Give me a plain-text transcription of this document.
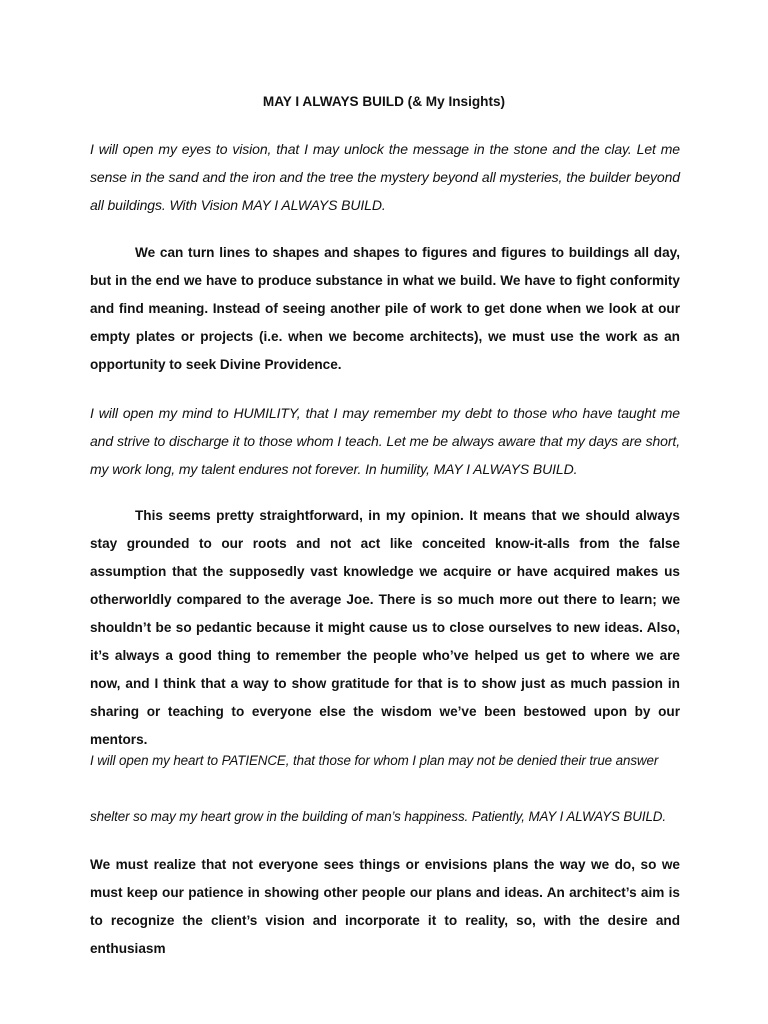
MAY I ALWAYS BUILD (& My Insights)

I will open my eyes to vision, that I may unlock the message in the stone and the clay. Let me sense in the sand and the iron and the tree the mystery beyond all mysteries, the builder beyond all buildings. With Vision MAY I ALWAYS BUILD.

We can turn lines to shapes and shapes to figures and figures to buildings all day, but in the end we have to produce substance in what we build. We have to fight conformity and find meaning. Instead of seeing another pile of work to get done when we look at our empty plates or projects (i.e. when we become architects), we must use the work as an opportunity to seek Divine Providence.

I will open my mind to HUMILITY, that I may remember my debt to those who have taught me and strive to discharge it to those whom I teach. Let me be always aware that my days are short, my work long, my talent endures not forever. In humility, MAY I ALWAYS BUILD.

This seems pretty straightforward, in my opinion. It means that we should always stay grounded to our roots and not act like conceited know-it-alls from the false assumption that the supposedly vast knowledge we acquire or have acquired makes us otherworldly compared to the average Joe. There is so much more out there to learn; we shouldn’t be so pedantic because it might cause us to close ourselves to new ideas. Also, it’s always a good thing to remember the people who’ve helped us get to where we are now, and I think that a way to show gratitude for that is to show just as much passion in sharing or teaching to everyone else the wisdom we’ve been bestowed upon by our mentors.

I will open my heart to PATIENCE, that those for whom I plan may not be denied their true answer

shelter so may my heart grow in the building of man’s happiness. Patiently, MAY I ALWAYS BUILD.

We must realize that not everyone sees things or envisions plans the way we do, so we must keep our patience in showing other people our plans and ideas. An architect’s aim is to recognize the client’s vision and incorporate it to reality, so, with the desire and enthusiasm
